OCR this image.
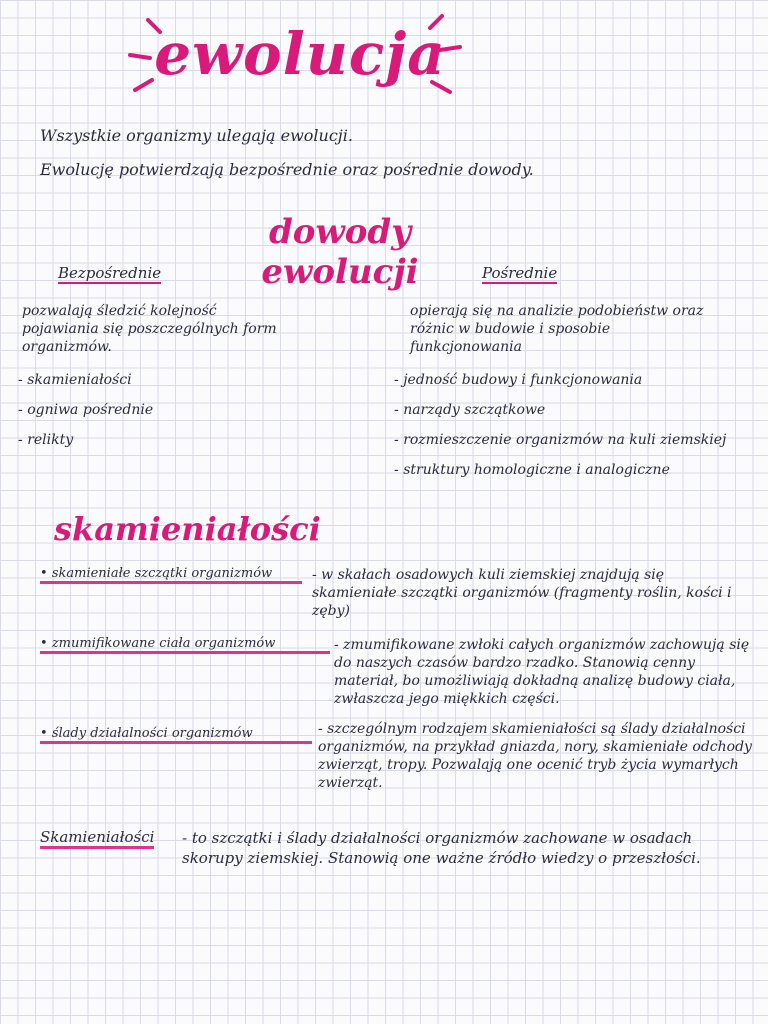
ewolucja
Wszystkie organizmy ulegają ewolucji.
Ewolucję potwierdzają bezpośrednie oraz pośrednie dowody.
dowody ewolucji
Bezpośrednie
pozwalają śledzić kolejność pojawiania się poszczególnych form organizmów.
- skamieniałości
- ogniwa pośrednie
- relikty
Pośrednie
opierają się na analizie podobieństw oraz różnic w budowie i sposobie funkcjonowania
- jedność budowy i funkcjonowania
- narządy szczątkowe
- rozmieszczenie organizmów na kuli ziemskiej
- struktury homologiczne i analogiczne
skamieniałości
• skamieniałe szczątki organizmów	- w skałach osadowych kuli ziemskiej znajdują się skamieniałe szczątki organizmów (fragmenty roślin, kości i zęby)
• zmumifikowane ciała organizmów	- zmumifikowane zwłoki całych organizmów zachowują się do naszych czasów bardzo rzadko. Stanowią cenny materiał, bo umożliwiają dokładną analizę budowy ciała, zwłaszcza jego miękkich części.
• ślady działalności organizmów	- szczególnym rodzajem skamieniałości są ślady działalności organizmów, na przykład gniazda, nory, skamieniałe odchody zwierząt, tropy. Pozwalają one ocenić tryb życia wymarłych zwierząt.
Skamieniałości - to szczątki i ślady działalności organizmów zachowane w osadach skorupy ziemskiej. Stanowią one ważne źródło wiedzy o przeszłości.
